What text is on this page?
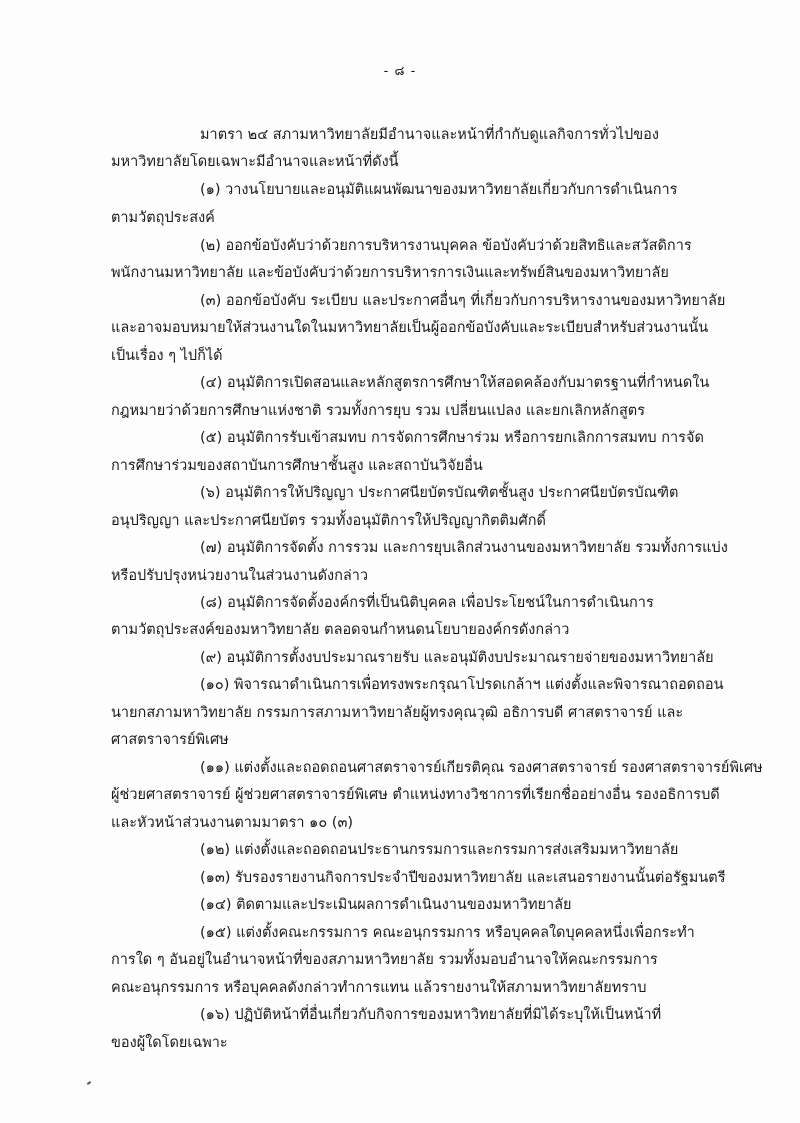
- ๘ -
มาตรา ๒๔ สภามหาวิทยาลัยมีอำนาจและหน้าที่กำกับดูแลกิจการทั่วไปของ
มหาวิทยาลัยโดยเฉพาะมีอำนาจและหน้าที่ดังนี้
(๑) วางนโยบายและอนุมัติแผนพัฒนาของมหาวิทยาลัยเกี่ยวกับการดำเนินการ
ตามวัตถุประสงค์
(๒) ออกข้อบังคับว่าด้วยการบริหารงานบุคคล ข้อบังคับว่าด้วยสิทธิและสวัสดิการ
พนักงานมหาวิทยาลัย และข้อบังคับว่าด้วยการบริหารการเงินและทรัพย์สินของมหาวิทยาลัย
(๓) ออกข้อบังคับ ระเบียบ และประกาศอื่นๆ ที่เกี่ยวกับการบริหารงานของมหาวิทยาลัย
และอาจมอบหมายให้ส่วนงานใดในมหาวิทยาลัยเป็นผู้ออกข้อบังคับและระเบียบสำหรับส่วนงานนั้น
เป็นเรื่อง ๆ ไปก็ได้
(๔) อนุมัติการเปิดสอนและหลักสูตรการศึกษาให้สอดคล้องกับมาตรฐานที่กำหนดใน
กฎหมายว่าด้วยการศึกษาแห่งชาติ รวมทั้งการยุบ รวม เปลี่ยนแปลง และยกเลิกหลักสูตร
(๕) อนุมัติการรับเข้าสมทบ การจัดการศึกษาร่วม หรือการยกเลิกการสมทบ การจัด
การศึกษาร่วมของสถาบันการศึกษาชั้นสูง และสถาบันวิจัยอื่น
(๖) อนุมัติการให้ปริญญา ประกาศนียบัตรบัณฑิตชั้นสูง ประกาศนียบัตรบัณฑิต
อนุปริญญา และประกาศนียบัตร รวมทั้งอนุมัติการให้ปริญญากิตติมศักดิ์
(๗) อนุมัติการจัดตั้ง การรวม และการยุบเลิกส่วนงานของมหาวิทยาลัย รวมทั้งการแบ่ง
หรือปรับปรุงหน่วยงานในส่วนงานดังกล่าว
(๘) อนุมัติการจัดตั้งองค์กรที่เป็นนิติบุคคล เพื่อประโยชน์ในการดำเนินการ
ตามวัตถุประสงค์ของมหาวิทยาลัย ตลอดจนกำหนดนโยบายองค์กรดังกล่าว
(๙) อนุมัติการตั้งงบประมาณรายรับ และอนุมัติงบประมาณรายจ่ายของมหาวิทยาลัย
(๑๐) พิจารณาดำเนินการเพื่อทรงพระกรุณาโปรดเกล้าฯ แต่งตั้งและพิจารณาถอดถอน
นายกสภามหาวิทยาลัย กรรมการสภามหาวิทยาลัยผู้ทรงคุณวุฒิ อธิการบดี ศาสตราจารย์ และ
ศาสตราจารย์พิเศษ
(๑๑) แต่งตั้งและถอดถอนศาสตราจารย์เกียรติคุณ รองศาสตราจารย์ รองศาสตราจารย์พิเศษ
ผู้ช่วยศาสตราจารย์ ผู้ช่วยศาสตราจารย์พิเศษ ตำแหน่งทางวิชาการที่เรียกชื่ออย่างอื่น รองอธิการบดี
และหัวหน้าส่วนงานตามมาตรา ๑๐ (๓)
(๑๒) แต่งตั้งและถอดถอนประธานกรรมการและกรรมการส่งเสริมมหาวิทยาลัย
(๑๓) รับรองรายงานกิจการประจำปีของมหาวิทยาลัย และเสนอรายงานนั้นต่อรัฐมนตรี
(๑๔) ติดตามและประเมินผลการดำเนินงานของมหาวิทยาลัย
(๑๕) แต่งตั้งคณะกรรมการ คณะอนุกรรมการ หรือบุคคลใดบุคคลหนึ่งเพื่อกระทำ
การใด ๆ อันอยู่ในอำนาจหน้าที่ของสภามหาวิทยาลัย รวมทั้งมอบอำนาจให้คณะกรรมการ
คณะอนุกรรมการ หรือบุคคลดังกล่าวทำการแทน แล้วรายงานให้สภามหาวิทยาลัยทราบ
(๑๖) ปฏิบัติหน้าที่อื่นเกี่ยวกับกิจการของมหาวิทยาลัยที่มิได้ระบุให้เป็นหน้าที่
ของผู้ใดโดยเฉพาะ
